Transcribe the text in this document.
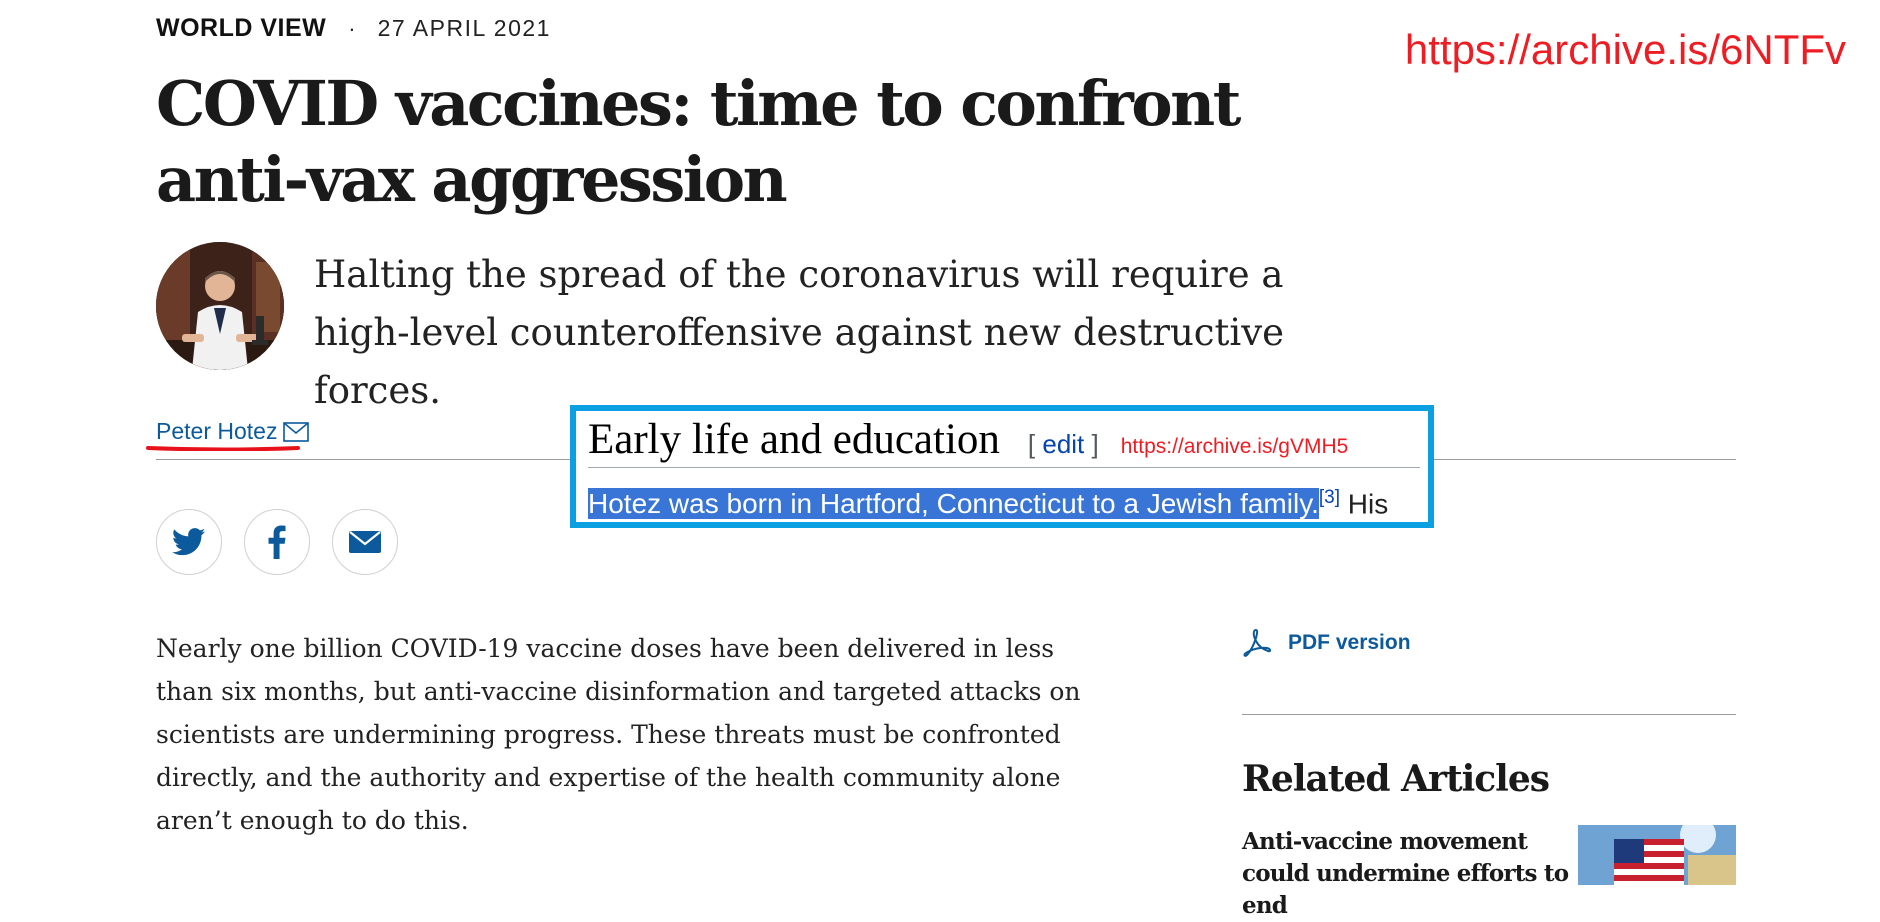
WORLD VIEW · 27 APRIL 2021	https://archive.is/6NTFv
COVID vaccines: time to confront anti-vax aggression

Halting the spread of the coronavirus will require a high-level counteroffensive against new destructive forces.

Peter Hotez	Early life and education [ edit ] https://archive.is/gVMH5
Hotez was born in Hartford, Connecticut to a Jewish family.[3] His

Nearly one billion COVID-19 vaccine doses have been delivered in less than six months, but anti-vaccine disinformation and targeted attacks on scientists are undermining progress. These threats must be confronted directly, and the authority and expertise of the health community alone aren’t enough to do this.

PDF version
Related Articles
Anti-vaccine movement could undermine efforts to end
